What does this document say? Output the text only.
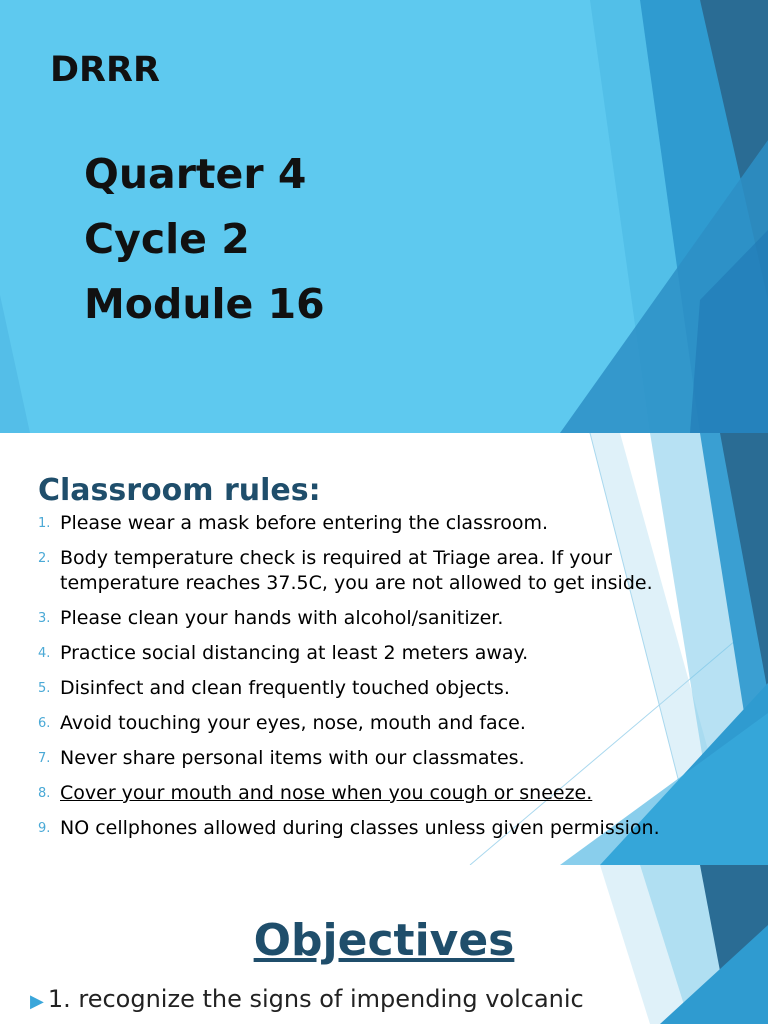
DRRR
Quarter 4
Cycle 2
Module 16
Classroom rules:
1. Please wear a mask before entering the classroom.
2. Body temperature check is required at Triage area. If your
temperature reaches 37.5C, you are not allowed to get inside.
3. Please clean your hands with alcohol/sanitizer.
4. Practice social distancing at least 2 meters away.
5. Disinfect and clean frequently touched objects.
6. Avoid touching your eyes, nose, mouth and face.
7. Never share personal items with our classmates.
8. Cover your mouth and nose when you cough or sneeze.
9. NO cellphones allowed during classes unless given permission.
Objectives
▶ 1. recognize the signs of impending volcanic
